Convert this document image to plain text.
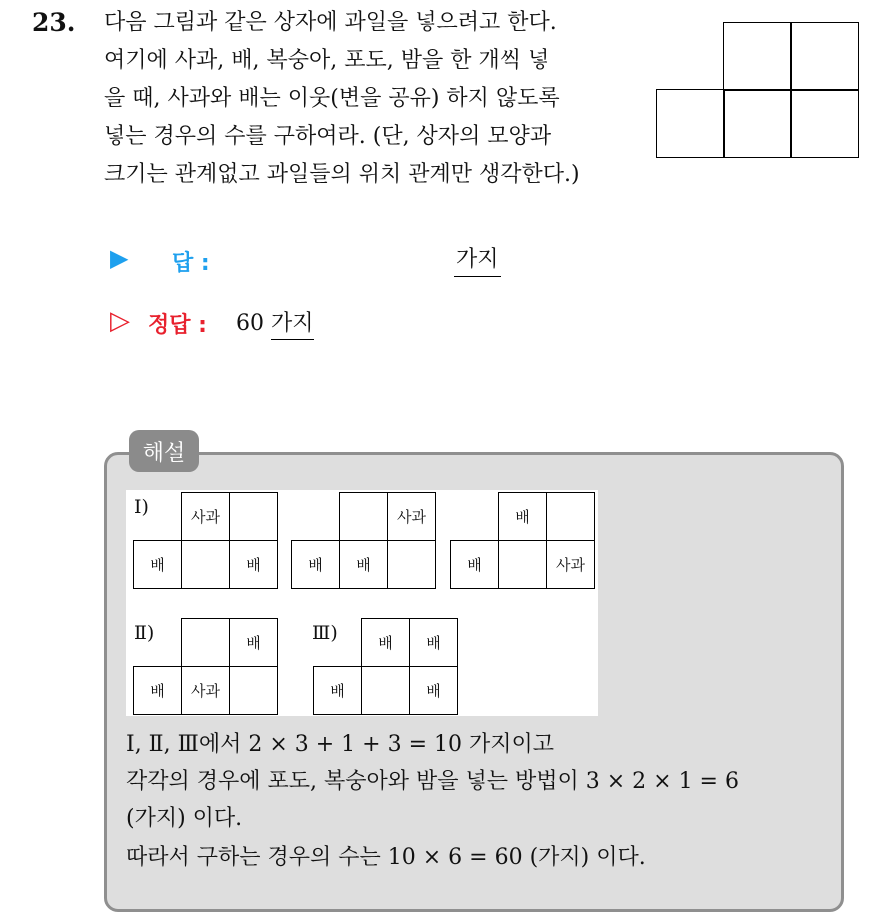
23. 다음 그림과 같은 상자에 과일을 넣으려고 한다.
여기에 사과, 배, 복숭아, 포도, 밤을 한 개씩 넣
을 때, 사과와 배는 이웃(변을 공유) 하지 않도록
넣는 경우의 수를 구하여라. (단, 상자의 모양과
크기는 관계없고 과일들의 위치 관계만 생각한다.)
▶ 답 :	가지
▷ 정답 : 60 가지
해설
Ⅰ)
Ⅱ)	Ⅲ)
사과
배	배
사과
배	배
배
배	사과
배
배	사과
배	배
배	배
Ⅰ, Ⅱ, Ⅲ에서 2 × 3 + 1 + 3 = 10 가지이고
각각의 경우에 포도, 복숭아와 밤을 넣는 방법이 3 × 2 × 1 = 6
(가지) 이다.
따라서 구하는 경우의 수는 10 × 6 = 60 (가지) 이다.
